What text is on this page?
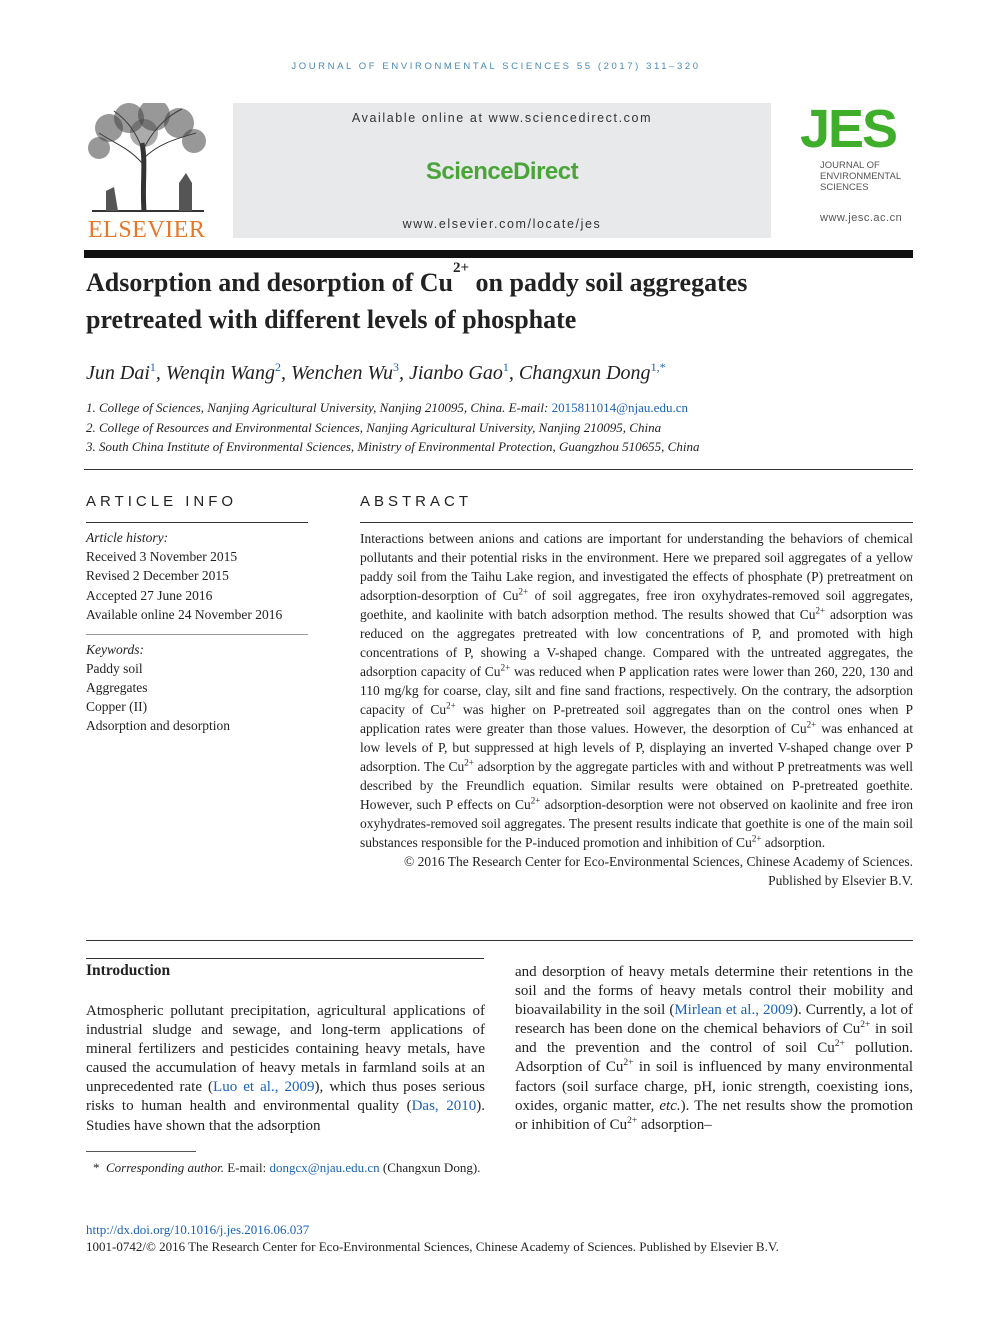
JOURNAL OF ENVIRONMENTAL SCIENCES 55 (2017) 311–320
ELSEVIER
Available online at www.sciencedirect.com
ScienceDirect
www.elsevier.com/locate/jes
JES
JOURNAL OF
ENVIRONMENTAL
SCIENCES
www.jesc.ac.cn
Adsorption and desorption of $Cu^{2+}$ on paddy soil aggregates
pretreated with different levels of phosphate
Jun Dai$^1$, Wenqin Wang$^2$, Wenchen Wu$^3$, Jianbo Gao$^1$, Changxun Dong$^{1,*}$
1. College of Sciences, Nanjing Agricultural University, Nanjing 210095, China. E-mail: 2015811014@njau.edu.cn
2. College of Resources and Environmental Sciences, Nanjing Agricultural University, Nanjing 210095, China
3. South China Institute of Environmental Sciences, Ministry of Environmental Protection, Guangzhou 510655, China
ARTICLE INFO
Article history:
Received 3 November 2015
Revised 2 December 2015
Accepted 27 June 2016
Available online 24 November 2016
Keywords:
Paddy soil
Aggregates
Copper (II)
Adsorption and desorption
ABSTRACT
Interactions between anions and cations are important for understanding the behaviors of chemical pollutants and their potential risks in the environment. Here we prepared soil aggregates of a yellow paddy soil from the Taihu Lake region, and investigated the effects of phosphate (P) pretreatment on adsorption-desorption of $Cu^{2+}$ of soil aggregates, free iron oxyhydrates-removed soil aggregates, goethite, and kaolinite with batch adsorption method. The results showed that $Cu^{2+}$ adsorption was reduced on the aggregates pretreated with low concentrations of P, and promoted with high concentrations of P, showing a V-shaped change. Compared with the untreated aggregates, the adsorption capacity of $Cu^{2+}$ was reduced when P application rates were lower than 260, 220, 130 and 110 mg/kg for coarse, clay, silt and fine sand fractions, respectively. On the contrary, the adsorption capacity of $Cu^{2+}$ was higher on P-pretreated soil aggregates than on the control ones when P application rates were greater than those values. However, the desorption of $Cu^{2+}$ was enhanced at low levels of P, but suppressed at high levels of P, displaying an inverted V-shaped change over P adsorption. The $Cu^{2+}$ adsorption by the aggregate particles with and without P pretreatments was well described by the Freundlich equation. Similar results were obtained on P-pretreated goethite. However, such P effects on $Cu^{2+}$ adsorption-desorption were not observed on kaolinite and free iron oxyhydrates-removed soil aggregates. The present results indicate that goethite is one of the main soil substances responsible for the P-induced promotion and inhibition of $Cu^{2+}$ adsorption.
© 2016 The Research Center for Eco-Environmental Sciences, Chinese Academy of Sciences.
Published by Elsevier B.V.
Introduction
Atmospheric pollutant precipitation, agricultural applications of industrial sludge and sewage, and long-term applications of mineral fertilizers and pesticides containing heavy metals, have caused the accumulation of heavy metals in farmland soils at an unprecedented rate (Luo et al., 2009), which thus poses serious risks to human health and environmental quality (Das, 2010). Studies have shown that the adsorption
and desorption of heavy metals determine their retentions in the soil and the forms of heavy metals control their mobility and bioavailability in the soil (Mirlean et al., 2009). Currently, a lot of research has been done on the chemical behaviors of $Cu^{2+}$ in soil and the prevention and the control of soil $Cu^{2+}$ pollution. Adsorption of $Cu^{2+}$ in soil is influenced by many environmental factors (soil surface charge, pH, ionic strength, coexisting ions, oxides, organic matter, etc.). The net results show the promotion or inhibition of $Cu^{2+}$ adsorption–
* Corresponding author. E-mail: dongcx@njau.edu.cn (Changxun Dong).
http://dx.doi.org/10.1016/j.jes.2016.06.037
1001-0742/© 2016 The Research Center for Eco-Environmental Sciences, Chinese Academy of Sciences. Published by Elsevier B.V.
